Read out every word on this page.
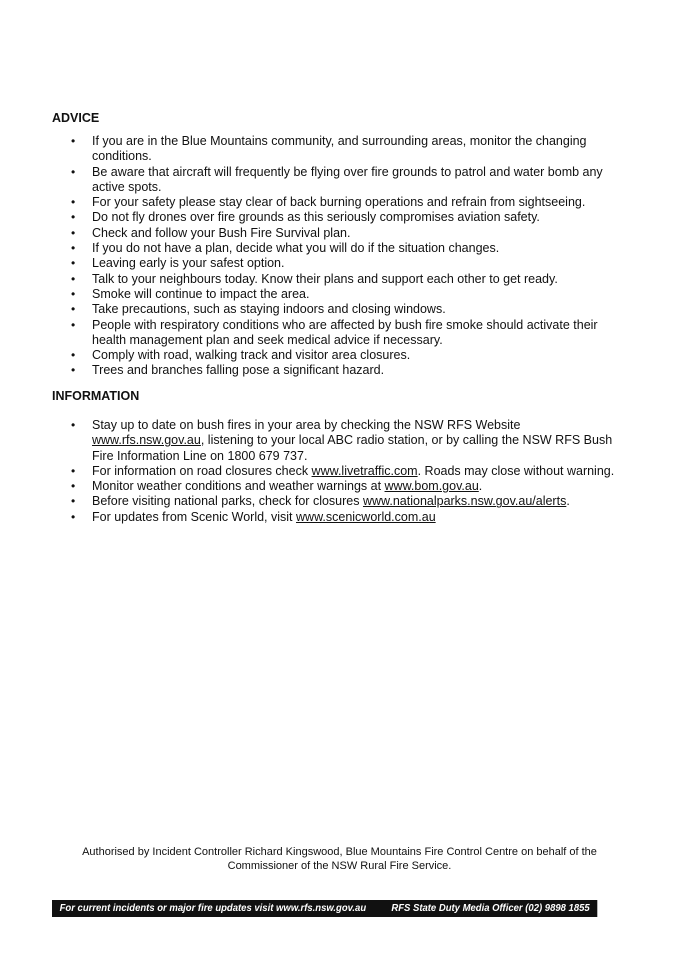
ADVICE
• If you are in the Blue Mountains community, and surrounding areas, monitor the changing conditions.
• Be aware that aircraft will frequently be flying over fire grounds to patrol and water bomb any active spots.
• For your safety please stay clear of back burning operations and refrain from sightseeing.
• Do not fly drones over fire grounds as this seriously compromises aviation safety.
• Check and follow your Bush Fire Survival plan.
• If you do not have a plan, decide what you will do if the situation changes.
• Leaving early is your safest option.
• Talk to your neighbours today. Know their plans and support each other to get ready.
• Smoke will continue to impact the area.
• Take precautions, such as staying indoors and closing windows.
• People with respiratory conditions who are affected by bush fire smoke should activate their health management plan and seek medical advice if necessary.
• Comply with road, walking track and visitor area closures.
• Trees and branches falling pose a significant hazard.
INFORMATION
• Stay up to date on bush fires in your area by checking the NSW RFS Website www.rfs.nsw.gov.au, listening to your local ABC radio station, or by calling the NSW RFS Bush Fire Information Line on 1800 679 737.
• For information on road closures check www.livetraffic.com. Roads may close without warning.
• Monitor weather conditions and weather warnings at www.bom.gov.au.
• Before visiting national parks, check for closures www.nationalparks.nsw.gov.au/alerts.
• For updates from Scenic World, visit www.scenicworld.com.au
Authorised by Incident Controller Richard Kingswood, Blue Mountains Fire Control Centre on behalf of the
Commissioner of the NSW Rural Fire Service.
For current incidents or major fire updates visit www.rfs.nsw.gov.au	RFS State Duty Media Officer (02) 9898 1855
